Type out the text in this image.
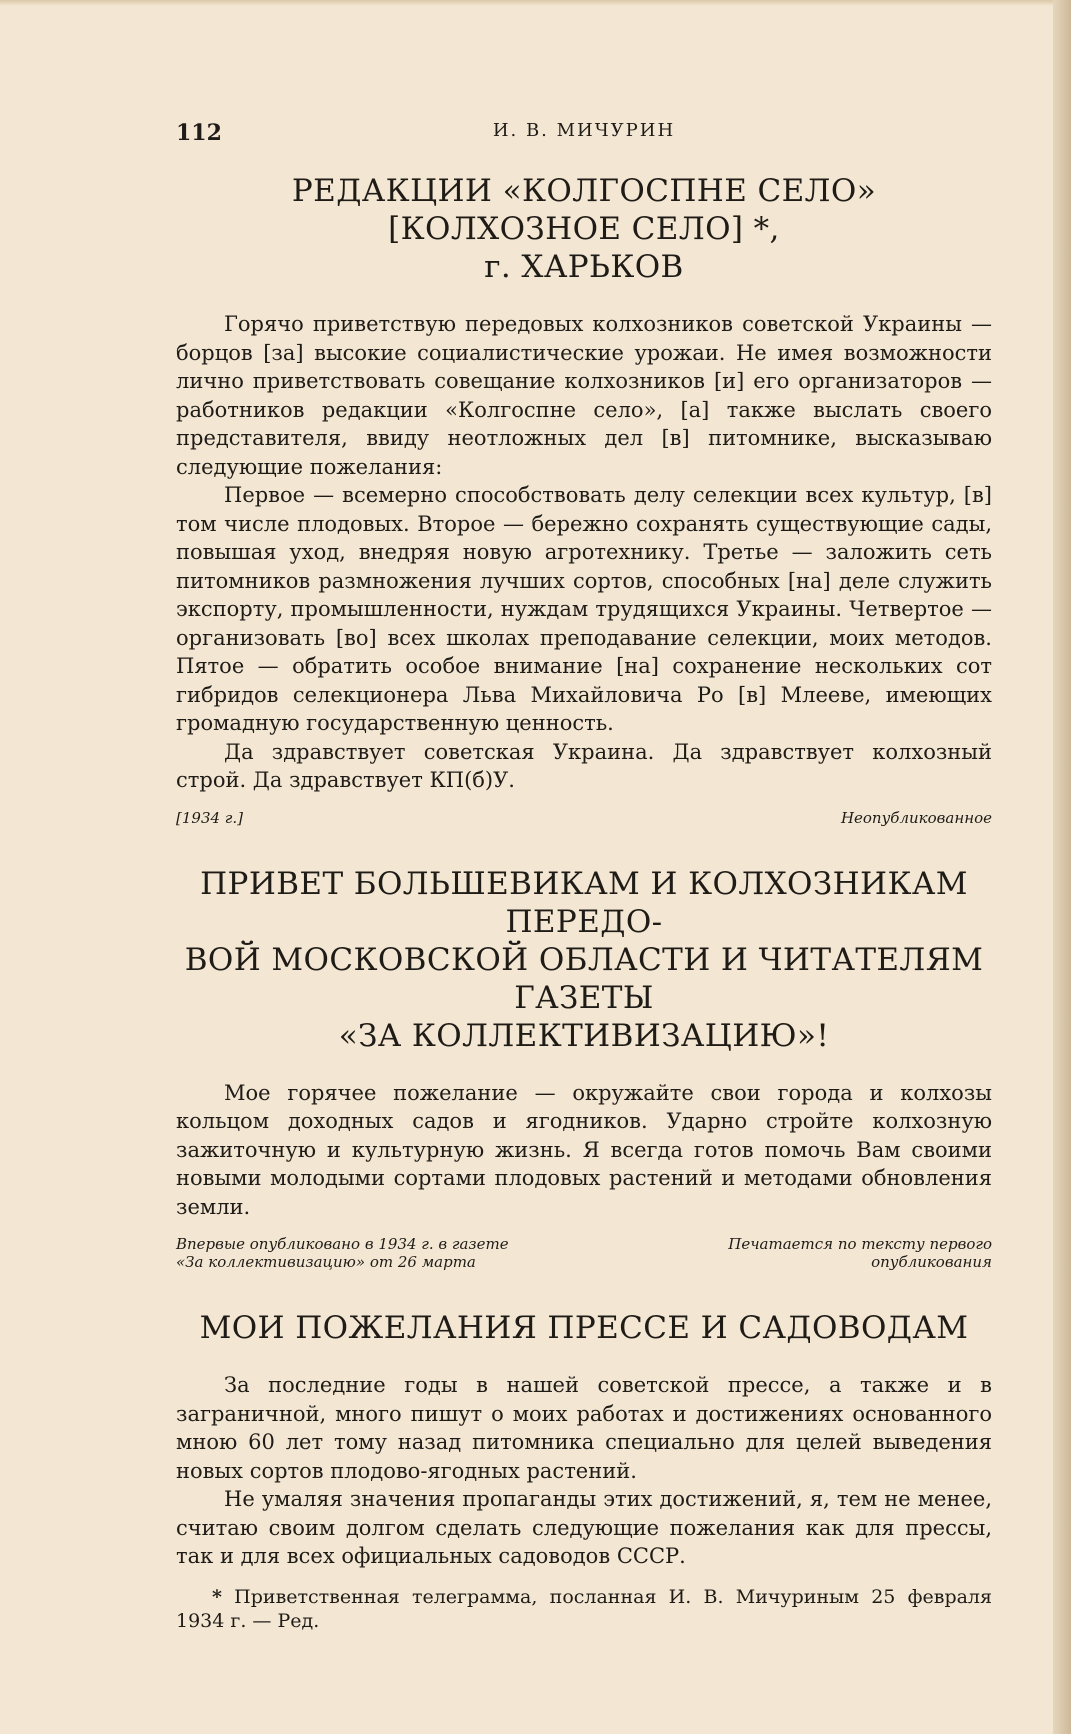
112	И. В. МИЧУРИН
РЕДАКЦИИ «КОЛГОСПНЕ СЕЛО» [КОЛХОЗНОЕ СЕЛО] *,
г. ХАРЬКОВ

Горячо приветствую передовых колхозников советской Украины — борцов [за] высокие социалистические урожаи. Не имея возможности лично приветствовать совещание колхозников [и] его организаторов — работников редакции «Колгоспне село», [а] также выслать своего представителя, ввиду неотложных дел [в] питомнике, высказываю следующие пожелания:

Первое — всемерно способствовать делу селекции всех культур, [в] том числе плодовых. Второе — бережно сохранять существующие сады, повышая уход, внедряя новую агротехнику. Третье — заложить сеть питомников размножения лучших сортов, способных [на] деле служить экспорту, промышленности, нуждам трудящихся Украины. Четвертое — организовать [во] всех школах преподавание селекции, моих методов. Пятое — обратить особое внимание [на] сохранение нескольких сот гибридов селекционера Льва Михайловича Ро [в] Млееве, имеющих громадную государственную ценность.

Да здравствует советская Украина. Да здравствует колхозный строй. Да здравствует КП(б)У.

[1934 г.]	Неопубликованное
ПРИВЕТ БОЛЬШЕВИКАМ И КОЛХОЗНИКАМ ПЕРЕДО-
ВОЙ МОСКОВСКОЙ ОБЛАСТИ И ЧИТАТЕЛЯМ ГАЗЕТЫ
«ЗА КОЛЛЕКТИВИЗАЦИЮ»!

Мое горячее пожелание — окружайте свои города и колхозы кольцом доходных садов и ягодников. Ударно стройте колхозную зажиточную и культурную жизнь. Я всегда готов помочь Вам своими новыми молодыми сортами плодовых растений и методами обновления земли.

Впервые опубликовано в 1934 г. в газете
«За коллективизацию» от 26 марта
Печатается по тексту первого
опубликования
МОИ ПОЖЕЛАНИЯ ПРЕССЕ И САДОВОДАМ

За последние годы в нашей советской прессе, а также и в заграничной, много пишут о моих работах и достижениях основанного мною 60 лет тому назад питомника специально для целей выведения новых сортов плодово-ягодных растений.

Не умаляя значения пропаганды этих достижений, я, тем не менее, считаю своим долгом сделать следующие пожелания как для прессы, так и для всех официальных садоводов СССР.

* Приветственная телеграмма, посланная И. В. Мичуриным 25 февраля 1934 г. — Ред.
